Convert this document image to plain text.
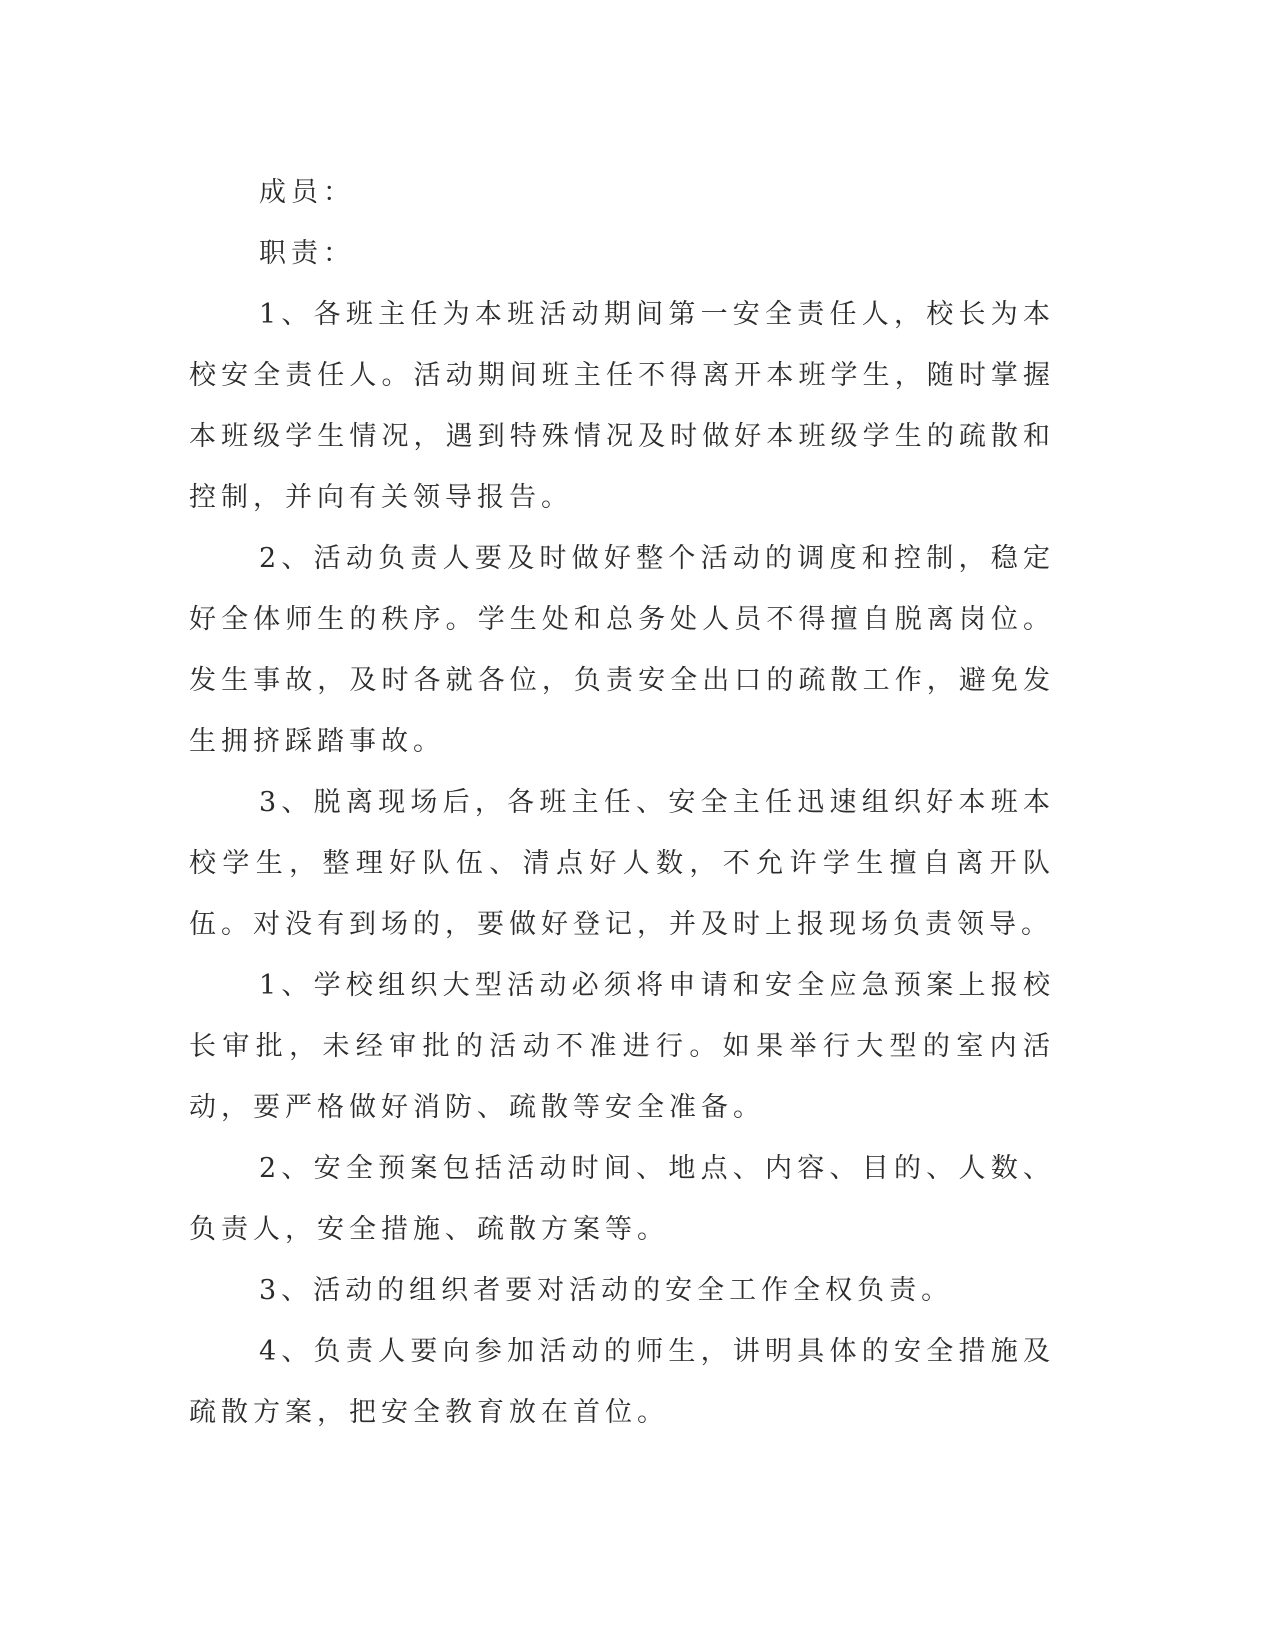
成员：

职责：

1、各班主任为本班活动期间第一安全责任人，校长为本校安全责任人。活动期间班主任不得离开本班学生，随时掌握本班级学生情况，遇到特殊情况及时做好本班级学生的疏散和控制，并向有关领导报告。

2、活动负责人要及时做好整个活动的调度和控制，稳定好全体师生的秩序。学生处和总务处人员不得擅自脱离岗位。发生事故，及时各就各位，负责安全出口的疏散工作，避免发生拥挤踩踏事故。

3、脱离现场后，各班主任、安全主任迅速组织好本班本校学生，整理好队伍、清点好人数，不允许学生擅自离开队伍。对没有到场的，要做好登记，并及时上报现场负责领导。

1、学校组织大型活动必须将申请和安全应急预案上报校长审批，未经审批的活动不准进行。如果举行大型的室内活动，要严格做好消防、疏散等安全准备。

2、安全预案包括活动时间、地点、内容、目的、人数、负责人，安全措施、疏散方案等。

3、活动的组织者要对活动的安全工作全权负责。

4、负责人要向参加活动的师生，讲明具体的安全措施及疏散方案，把安全教育放在首位。
